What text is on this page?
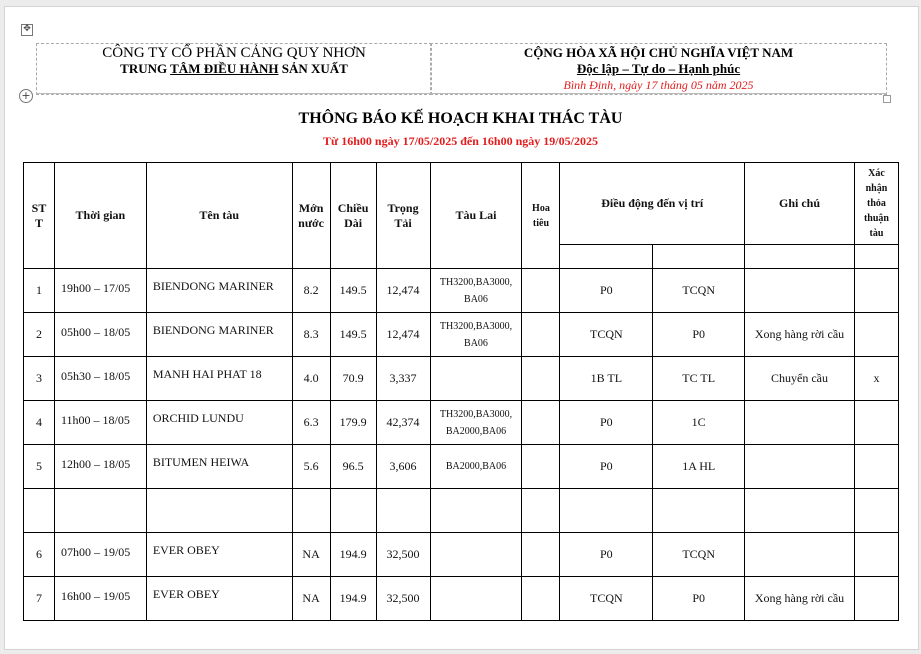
✥
+
CÔNG TY CỔ PHẦN CẢNG QUY NHƠN
TRUNG TÂM ĐIỀU HÀNH SẢN XUẤT
CỘNG HÒA XÃ HỘI CHỦ NGHĨA VIỆT NAM
Độc lập – Tự do – Hạnh phúc
Bình Định, ngày 17 tháng 05 năm 2025
THÔNG BÁO KẾ HOẠCH KHAI THÁC TÀU
Từ 16h00 ngày 17/05/2025 đến 16h00 ngày 19/05/2025
ST T	Thời gian	Tên tàu	Mớn nước	Chiều Dài	Trọng Tải	Tàu Lai	Hoa tiêu	Điều động đến vị trí		Ghi chú	Xác nhận thỏa thuận tàu

1	19h00 – 17/05	BIENDONG MARINER	8.2	149.5	12,474	TH3200,BA3000, BA06		P0	TCQN		
2	05h00 – 18/05	BIENDONG MARINER	8.3	149.5	12,474	TH3200,BA3000, BA06		TCQN	P0	Xong hàng rời cầu	
3	05h30 – 18/05	MANH HAI PHAT 18	4.0	70.9	3,337			1B TL	TC TL	Chuyển cầu	x
4	11h00 – 18/05	ORCHID LUNDU	6.3	179.9	42,374	TH3200,BA3000, BA2000,BA06		P0	1C		
5	12h00 – 18/05	BITUMEN HEIWA	5.6	96.5	3,606	BA2000,BA06		P0	1A HL		

6	07h00 – 19/05	EVER OBEY	NA	194.9	32,500			P0	TCQN		
7	16h00 – 19/05	EVER OBEY	NA	194.9	32,500			TCQN	P0	Xong hàng rời cầu	
